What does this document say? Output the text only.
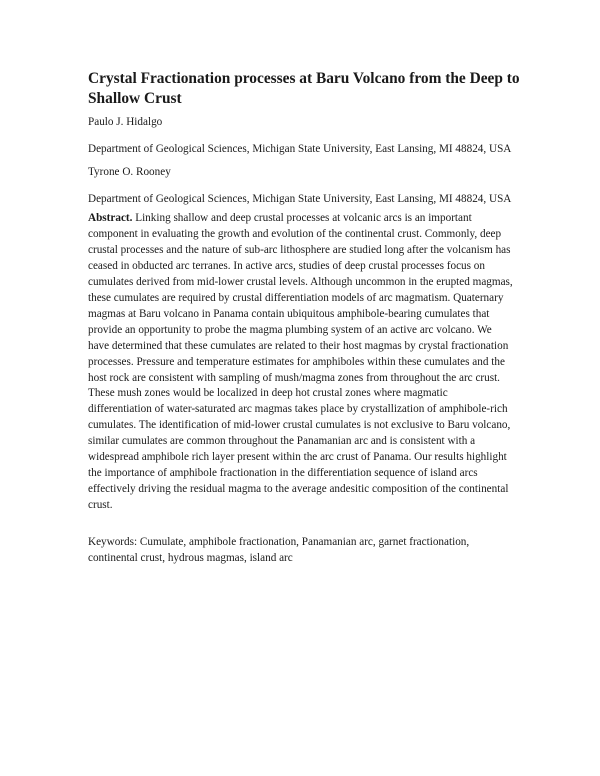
Crystal Fractionation processes at Baru Volcano from the Deep to Shallow Crust
Paulo J. Hidalgo
Department of Geological Sciences, Michigan State University, East Lansing, MI 48824, USA
Tyrone O. Rooney
Department of Geological Sciences, Michigan State University, East Lansing, MI 48824, USA
Abstract. Linking shallow and deep crustal processes at volcanic arcs is an important component in evaluating the growth and evolution of the continental crust. Commonly, deep crustal processes and the nature of sub-arc lithosphere are studied long after the volcanism has ceased in obducted arc terranes. In active arcs, studies of deep crustal processes focus on cumulates derived from mid-lower crustal levels. Although uncommon in the erupted magmas, these cumulates are required by crustal differentiation models of arc magmatism. Quaternary magmas at Baru volcano in Panama contain ubiquitous amphibole-bearing cumulates that provide an opportunity to probe the magma plumbing system of an active arc volcano. We have determined that these cumulates are related to their host magmas by crystal fractionation processes. Pressure and temperature estimates for amphiboles within these cumulates and the host rock are consistent with sampling of mush/magma zones from throughout the arc crust. These mush zones would be localized in deep hot crustal zones where magmatic differentiation of water-saturated arc magmas takes place by crystallization of amphibole-rich cumulates. The identification of mid-lower crustal cumulates is not exclusive to Baru volcano, similar cumulates are common throughout the Panamanian arc and is consistent with a widespread amphibole rich layer present within the arc crust of Panama. Our results highlight the importance of amphibole fractionation in the differentiation sequence of island arcs effectively driving the residual magma to the average andesitic composition of the continental crust.
Keywords: Cumulate, amphibole fractionation, Panamanian arc, garnet fractionation, continental crust, hydrous magmas, island arc
